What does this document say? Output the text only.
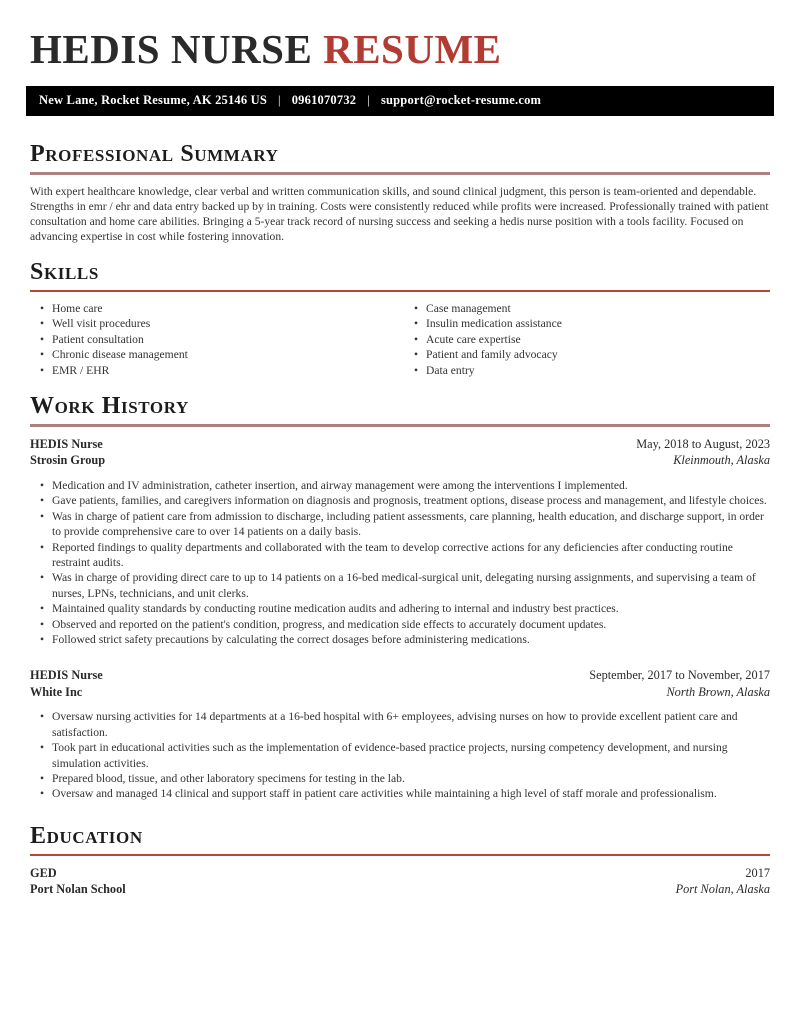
HEDIS NURSE RESUME
New Lane, Rocket Resume, AK 25146 US | 0961070732 | support@rocket-resume.com
Professional Summary

With expert healthcare knowledge, clear verbal and written communication skills, and sound clinical judgment, this person is team-oriented and dependable. Strengths in emr / ehr and data entry backed up by in training. Costs were consistently reduced while profits were increased. Professionally trained with patient consultation and home care abilities. Bringing a 5-year track record of nursing success and seeking a hedis nurse position with a tools facility. Focused on advancing expertise in cost while fostering innovation.

Skills
• Home care
• Well visit procedures
• Patient consultation
• Chronic disease management
• EMR / EHR
• Case management
• Insulin medication assistance
• Acute care expertise
• Patient and family advocacy
• Data entry
Work History
HEDIS Nurse	May, 2018 to August, 2023
Strosin Group	Kleinmouth, Alaska
• Medication and IV administration, catheter insertion, and airway management were among the interventions I implemented.
• Gave patients, families, and caregivers information on diagnosis and prognosis, treatment options, disease process and management, and lifestyle choices.
• Was in charge of patient care from admission to discharge, including patient assessments, care planning, health education, and discharge support, in order to provide comprehensive care to over 14 patients on a daily basis.
• Reported findings to quality departments and collaborated with the team to develop corrective actions for any deficiencies after conducting routine restraint audits.
• Was in charge of providing direct care to up to 14 patients on a 16-bed medical-surgical unit, delegating nursing assignments, and supervising a team of nurses, LPNs, technicians, and unit clerks.
• Maintained quality standards by conducting routine medication audits and adhering to internal and industry best practices.
• Observed and reported on the patient's condition, progress, and medication side effects to accurately document updates.
• Followed strict safety precautions by calculating the correct dosages before administering medications.
HEDIS Nurse	September, 2017 to November, 2017
White Inc	North Brown, Alaska
• Oversaw nursing activities for 14 departments at a 16-bed hospital with 6+ employees, advising nurses on how to provide excellent patient care and satisfaction.
• Took part in educational activities such as the implementation of evidence-based practice projects, nursing competency development, and nursing simulation activities.
• Prepared blood, tissue, and other laboratory specimens for testing in the lab.
• Oversaw and managed 14 clinical and support staff in patient care activities while maintaining a high level of staff morale and professionalism.
Education
GED	2017
Port Nolan School	Port Nolan, Alaska
